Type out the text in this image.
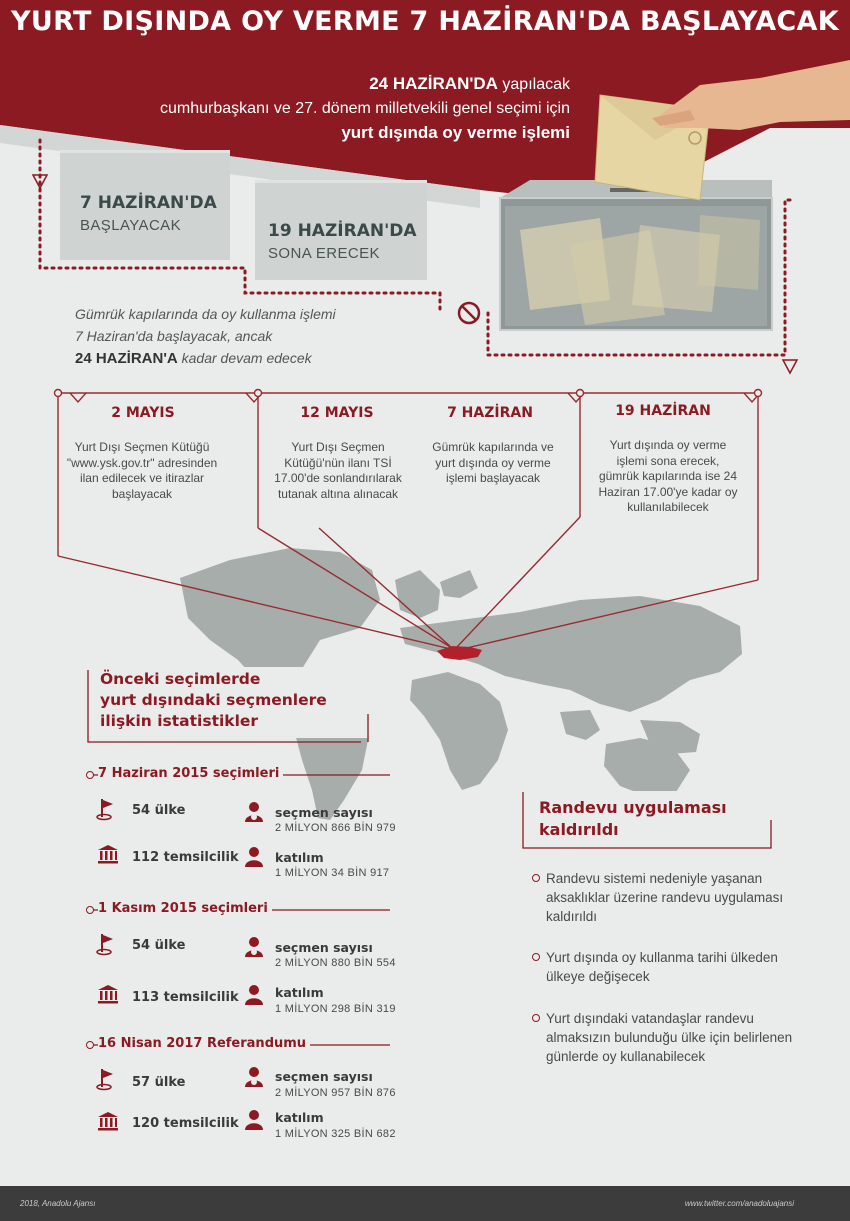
YURT DIŞINDA OY VERME 7 HAZİRAN'DA BAŞLAYACAK
24 HAZİRAN'DA yapılacak
cumhurbaşkanı ve 27. dönem milletvekili genel seçimi için
yurt dışında oy verme işlemi
7 HAZİRAN'DA
BAŞLAYACAK	19 HAZİRAN'DA
SONA ERECEK
Gümrük kapılarında da oy kullanma işlemi
7 Haziran'da başlayacak, ancak
24 HAZİRAN'A kadar devam edecek
2 MAYIS
Yurt Dışı Seçmen Kütüğü "www.ysk.gov.tr" adresinden ilan edilecek ve itirazlar başlayacak
12 MAYIS
Yurt Dışı Seçmen Kütüğü'nün ilanı TSİ 17.00'de sonlandırılarak tutanak altına alınacak
7 HAZİRAN
Gümrük kapılarında ve yurt dışında oy verme işlemi başlayacak
19 HAZİRAN
Yurt dışında oy verme işlemi sona erecek, gümrük kapılarında ise 24 Haziran 17.00'ye kadar oy kullanılabilecek
Önceki seçimlerde
yurt dışındaki seçmenlere
ilişkin istatistikler
7 Haziran 2015 seçimleri
1 Kasım 2015 seçimleri
16 Nisan 2017 Referandumu
54 ülke
112 temsilcilik
seçmen sayısı
2 MİLYON 866 BİN 979
katılım
1 MİLYON 34 BİN 917
54 ülke
113 temsilcilik
seçmen sayısı
2 MİLYON 880 BİN 554
katılım
1 MİLYON 298 BİN 319
57 ülke
120 temsilcilik
seçmen sayısı
2 MİLYON 957 BİN 876
katılım
1 MİLYON 325 BİN 682
Randevu uygulaması
kaldırıldı
Randevu sistemi nedeniyle yaşanan aksaklıklar üzerine randevu uygulaması kaldırıldı
Yurt dışında oy kullanma tarihi ülkeden ülkeye değişecek
Yurt dışındaki vatandaşlar randevu almaksızın bulunduğu ülke için belirlenen günlerde oy kullanabilecek
2018, Anadolu Ajansı	www.twitter.com/anadoluajansi
